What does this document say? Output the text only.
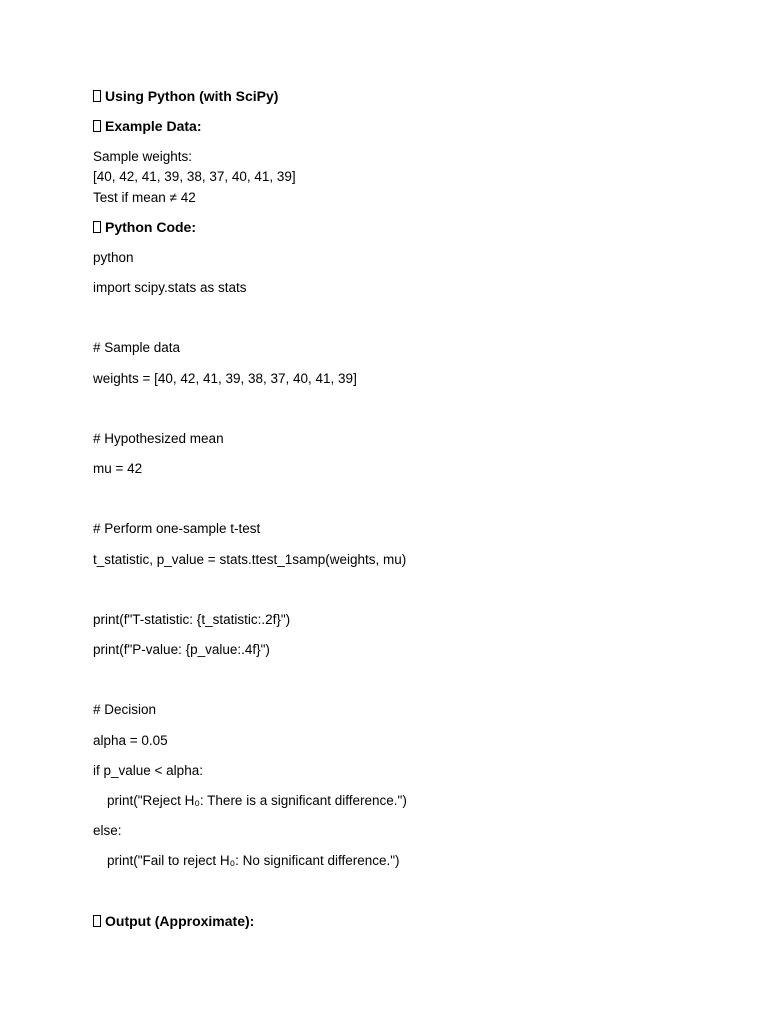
Using Python (with SciPy)
Example Data:
Sample weights:
[40, 42, 41, 39, 38, 37, 40, 41, 39]
Test if mean ≠ 42
Python Code:
python
import scipy.stats as stats
# Sample data
weights = [40, 42, 41, 39, 38, 37, 40, 41, 39]
# Hypothesized mean
mu = 42
# Perform one-sample t-test
t_statistic, p_value = stats.ttest_1samp(weights, mu)
print(f"T-statistic: {t_statistic:.2f}")
print(f"P-value: {p_value:.4f}")
# Decision
alpha = 0.05
if p_value < alpha:
print("Reject H₀: There is a significant difference.")
else:
print("Fail to reject H₀: No significant difference.")
Output (Approximate):
